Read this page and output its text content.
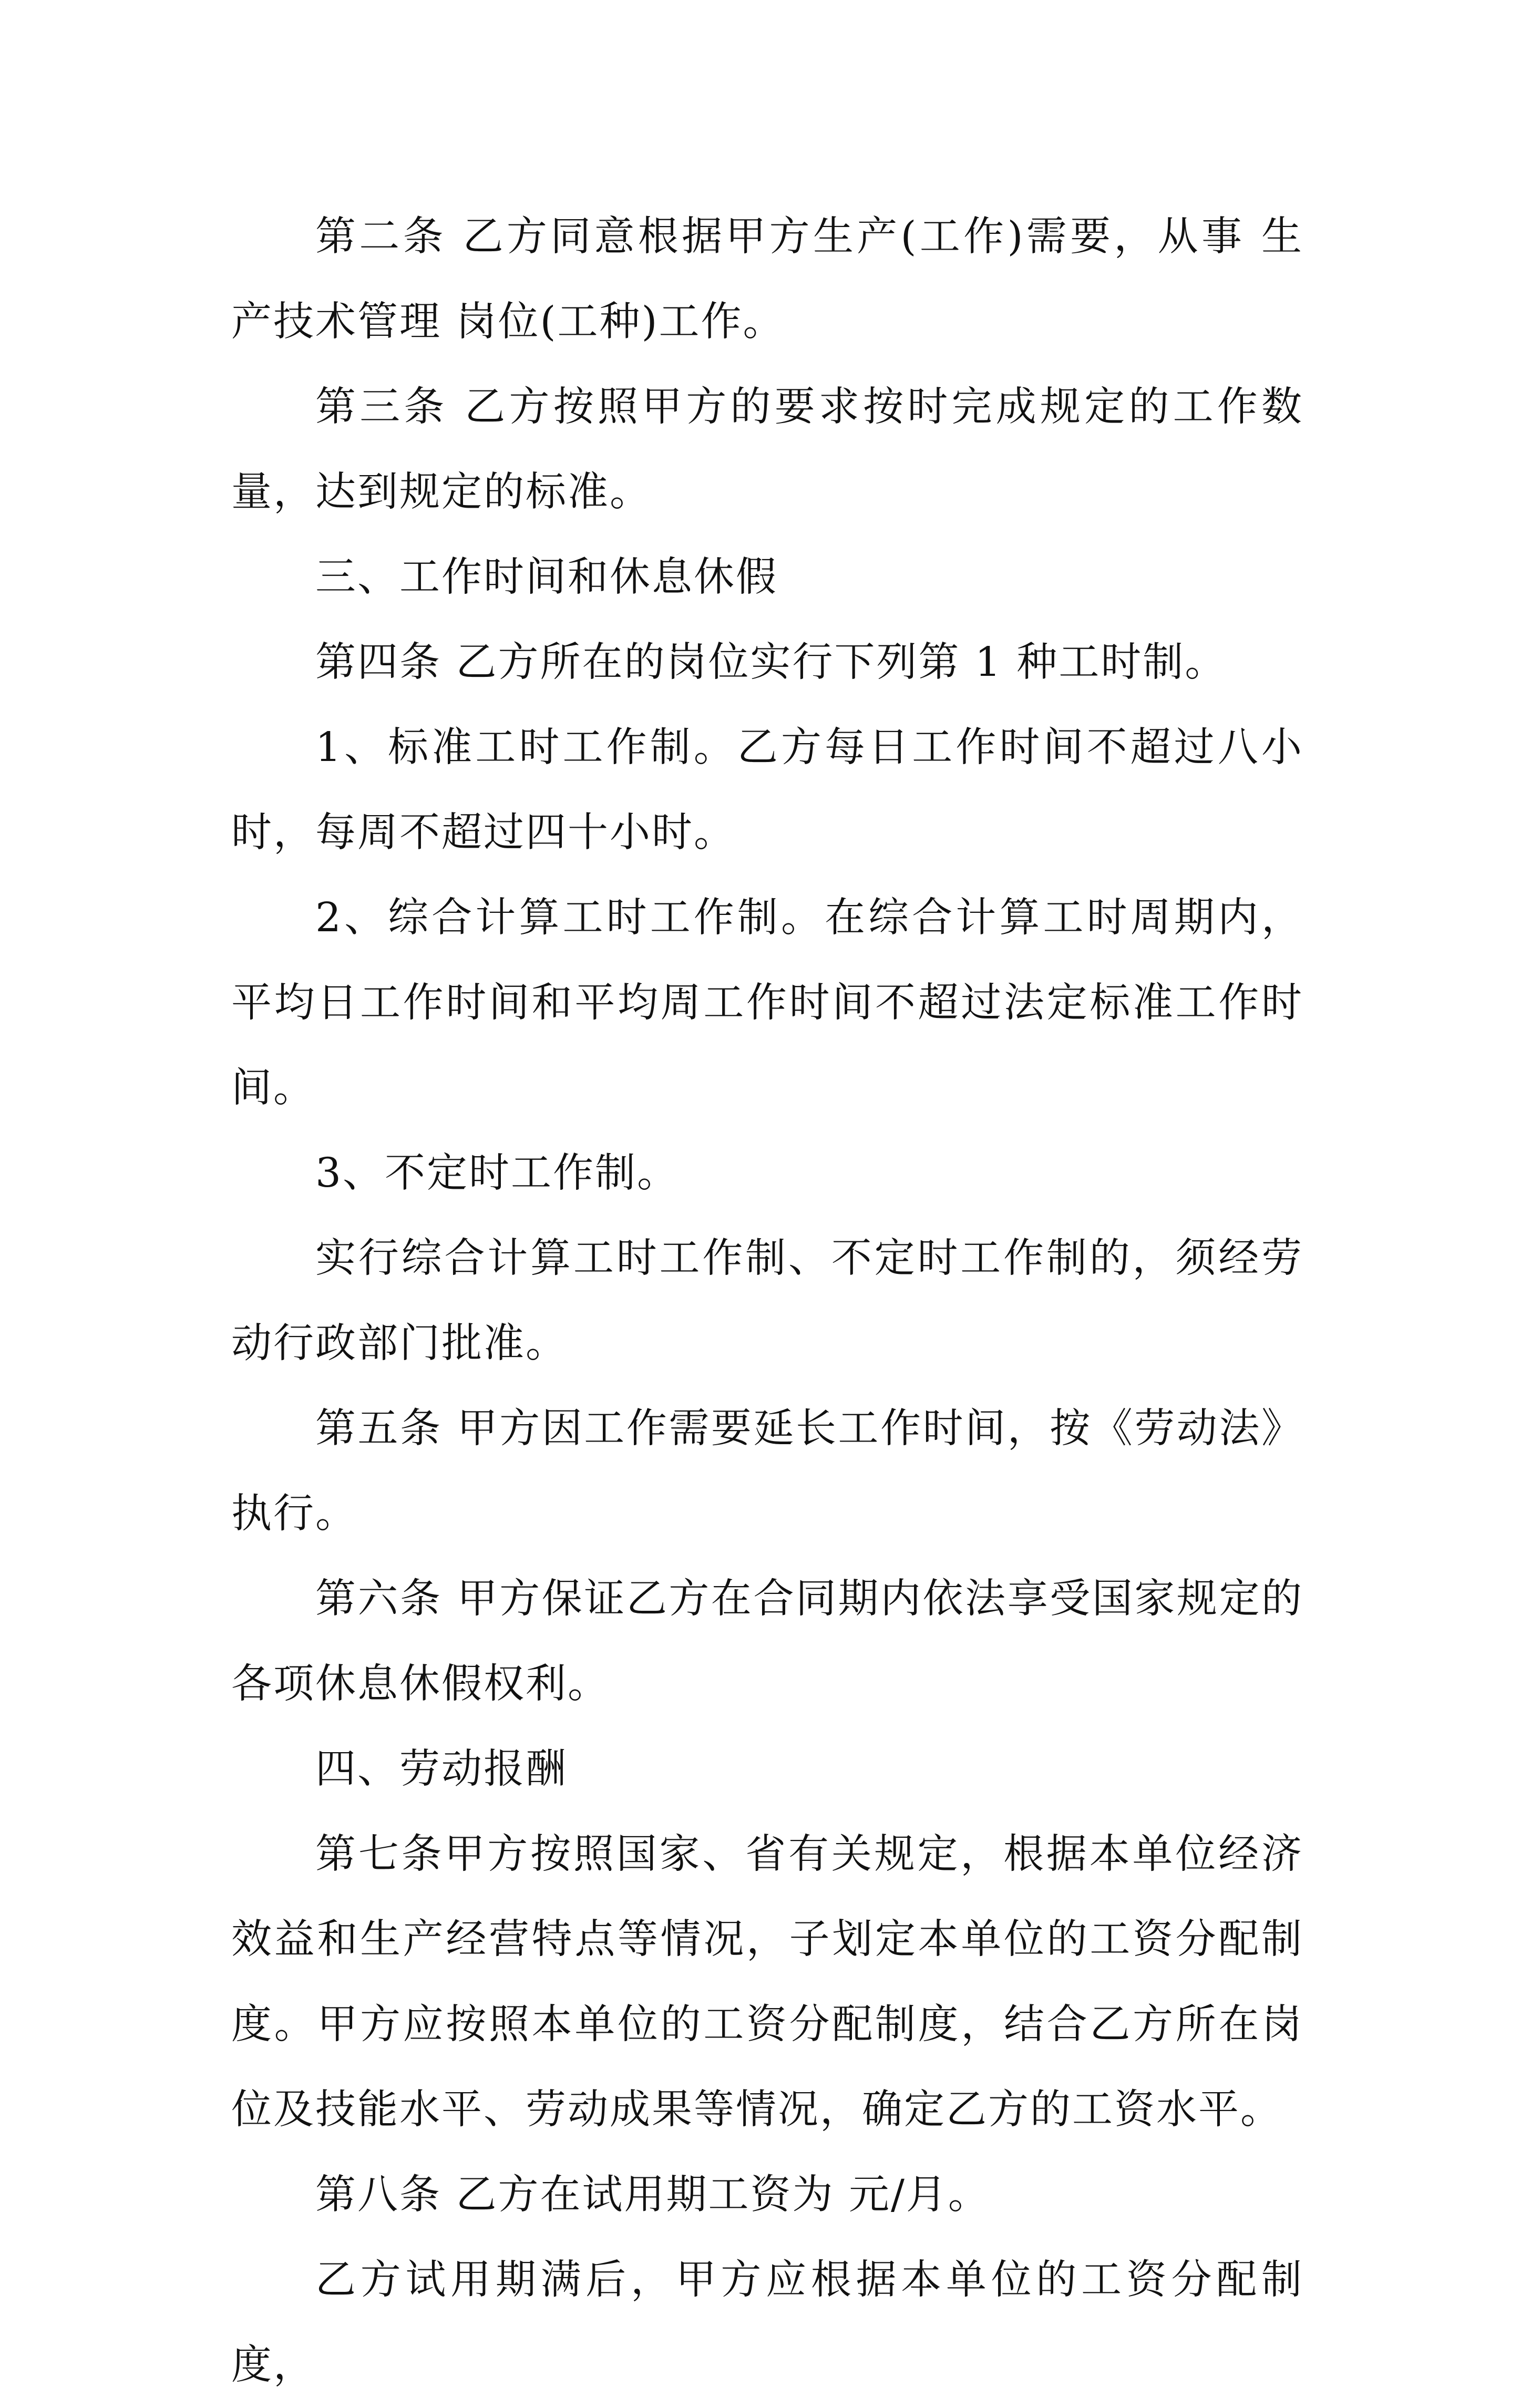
第二条 乙方同意根据甲方生产(工作)需要，从事 生产技术管理 岗位(工种)工作。

第三条 乙方按照甲方的要求按时完成规定的工作数量，达到规定的标准。

三、工作时间和休息休假

第四条 乙方所在的岗位实行下列第 1 种工时制。

1、标准工时工作制。乙方每日工作时间不超过八小时，每周不超过四十小时。

2、综合计算工时工作制。在综合计算工时周期内，平均日工作时间和平均周工作时间不超过法定标准工作时间。

3、不定时工作制。

实行综合计算工时工作制、不定时工作制的，须经劳动行政部门批准。

第五条 甲方因工作需要延长工作时间，按《劳动法》执行。

第六条 甲方保证乙方在合同期内依法享受国家规定的各项休息休假权利。

四、劳动报酬

第七条甲方按照国家、省有关规定，根据本单位经济效益和生产经营特点等情况，子划定本单位的工资分配制度。甲方应按照本单位的工资分配制度，结合乙方所在岗位及技能水平、劳动成果等情况，确定乙方的工资水平。

第八条 乙方在试用期工资为 元/月。

乙方试用期满后，甲方应根据本单位的工资分配制度，
